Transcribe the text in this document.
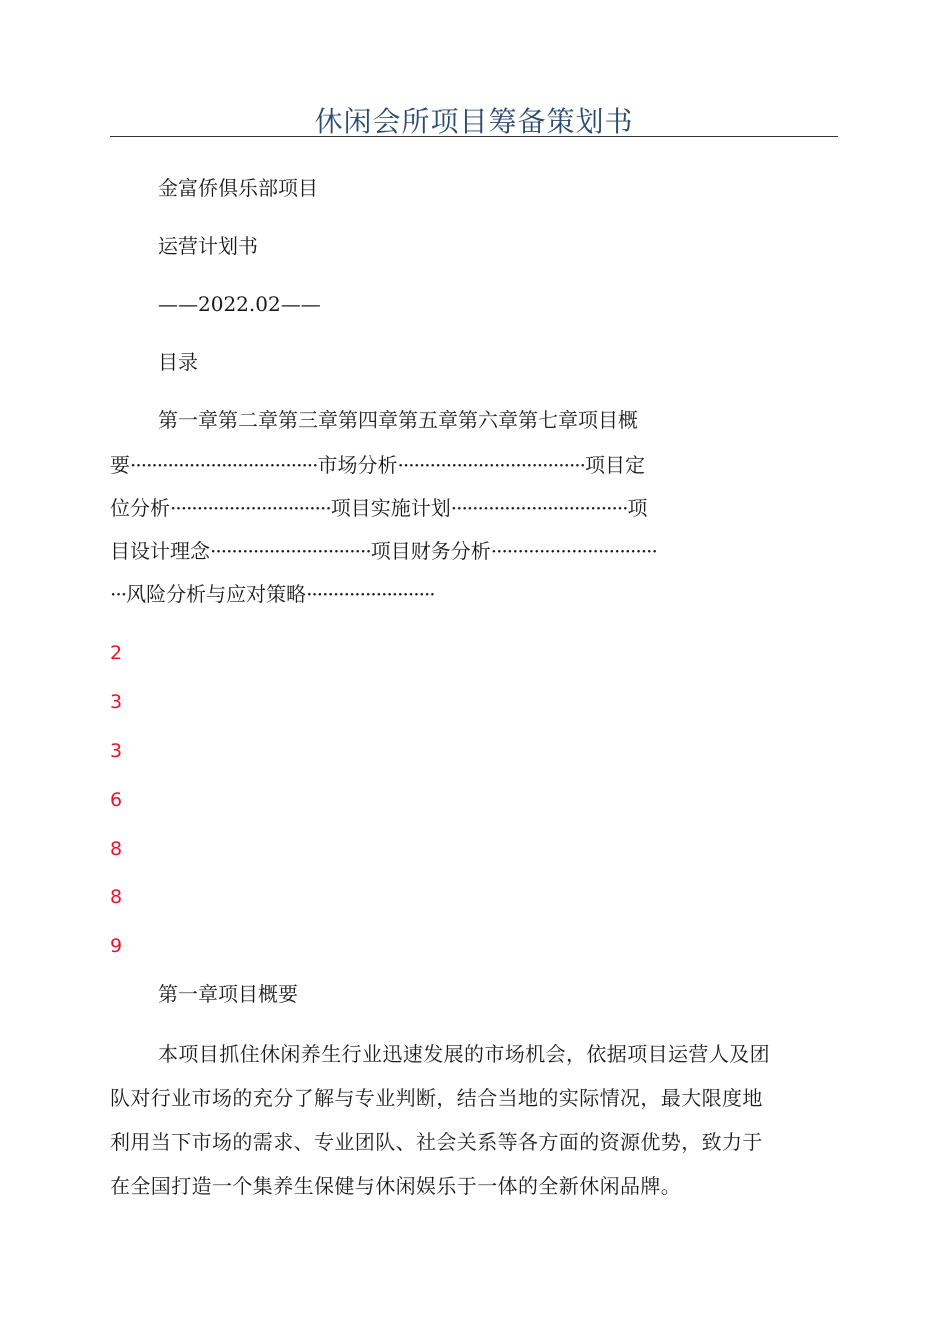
休闲会所项目筹备策划书
金富侨俱乐部项目
运营计划书
——2022.02——
目录
第一章第二章第三章第四章第五章第六章第七章项目概
要···································市场分析···································项目定
位分析······························项目实施计划·································项
目设计理念······························项目财务分析·······························
···风险分析与应对策略························
2
3
3
6
8
8
9
第一章项目概要
本项目抓住休闲养生行业迅速发展的市场机会，依据项目运营人及团
队对行业市场的充分了解与专业判断，结合当地的实际情况，最大限度地
利用当下市场的需求、专业团队、社会关系等各方面的资源优势，致力于
在全国打造一个集养生保健与休闲娱乐于一体的全新休闲品牌。
